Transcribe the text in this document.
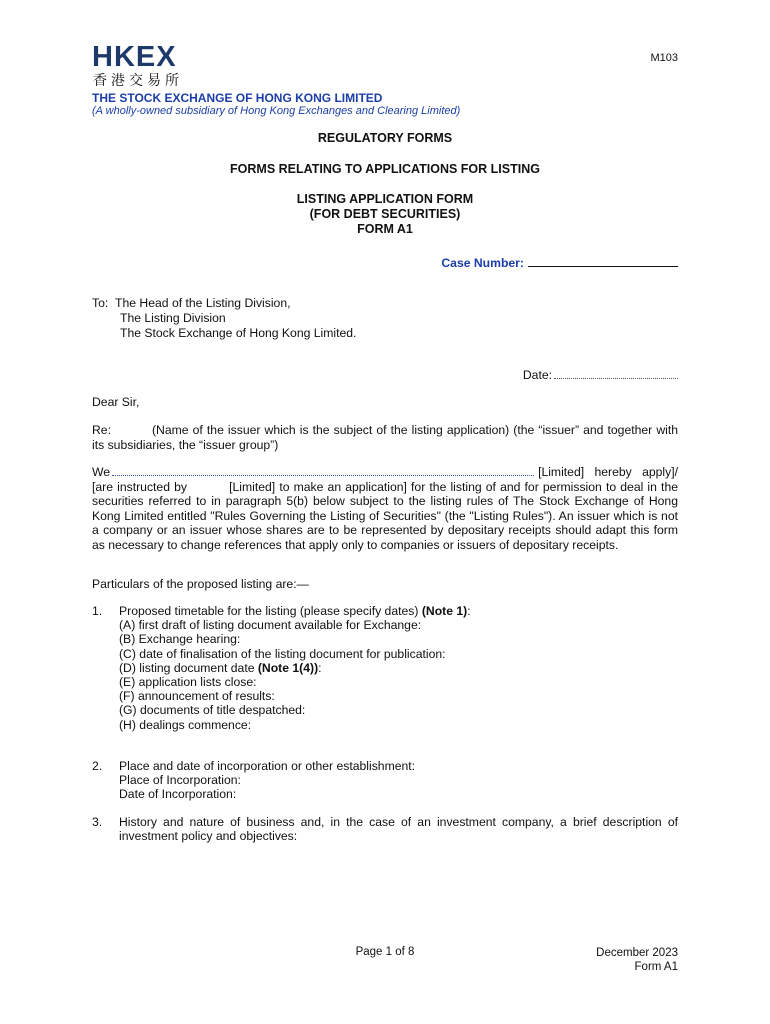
HKEX
香港交易所
M103
THE STOCK EXCHANGE OF HONG KONG LIMITED
(A wholly-owned subsidiary of Hong Kong Exchanges and Clearing Limited)
REGULATORY FORMS
FORMS RELATING TO APPLICATIONS FOR LISTING
LISTING APPLICATION FORM
(FOR DEBT SECURITIES)
FORM A1
Case Number:
To: The Head of the Listing Division,
The Listing Division
The Stock Exchange of Hong Kong Limited.
Date:
Dear Sir,
Re:	(Name of the issuer which is the subject of the listing application) (the “issuer” and together with its subsidiaries, the “issuer group”)
We	[Limited] hereby apply]/ [are instructed by	[Limited] to make an application] for the listing of and for permission to deal in the securities referred to in paragraph 5(b) below subject to the listing rules of The Stock Exchange of Hong Kong Limited entitled "Rules Governing the Listing of Securities" (the "Listing Rules"). An issuer which is not a company or an issuer whose shares are to be represented by depositary receipts should adapt this form as necessary to change references that apply only to companies or issuers of depositary receipts.
Particulars of the proposed listing are:—
1. Proposed timetable for the listing (please specify dates) (Note 1):
(A) first draft of listing document available for Exchange:
(B) Exchange hearing:
(C) date of finalisation of the listing document for publication:
(D) listing document date (Note 1(4)):
(E) application lists close:
(F) announcement of results:
(G) documents of title despatched:
(H) dealings commence:
2. Place and date of incorporation or other establishment:
Place of Incorporation:
Date of Incorporation:
3. History and nature of business and, in the case of an investment company, a brief description of investment policy and objectives:
Page 1 of 8	December 2023
Form A1
